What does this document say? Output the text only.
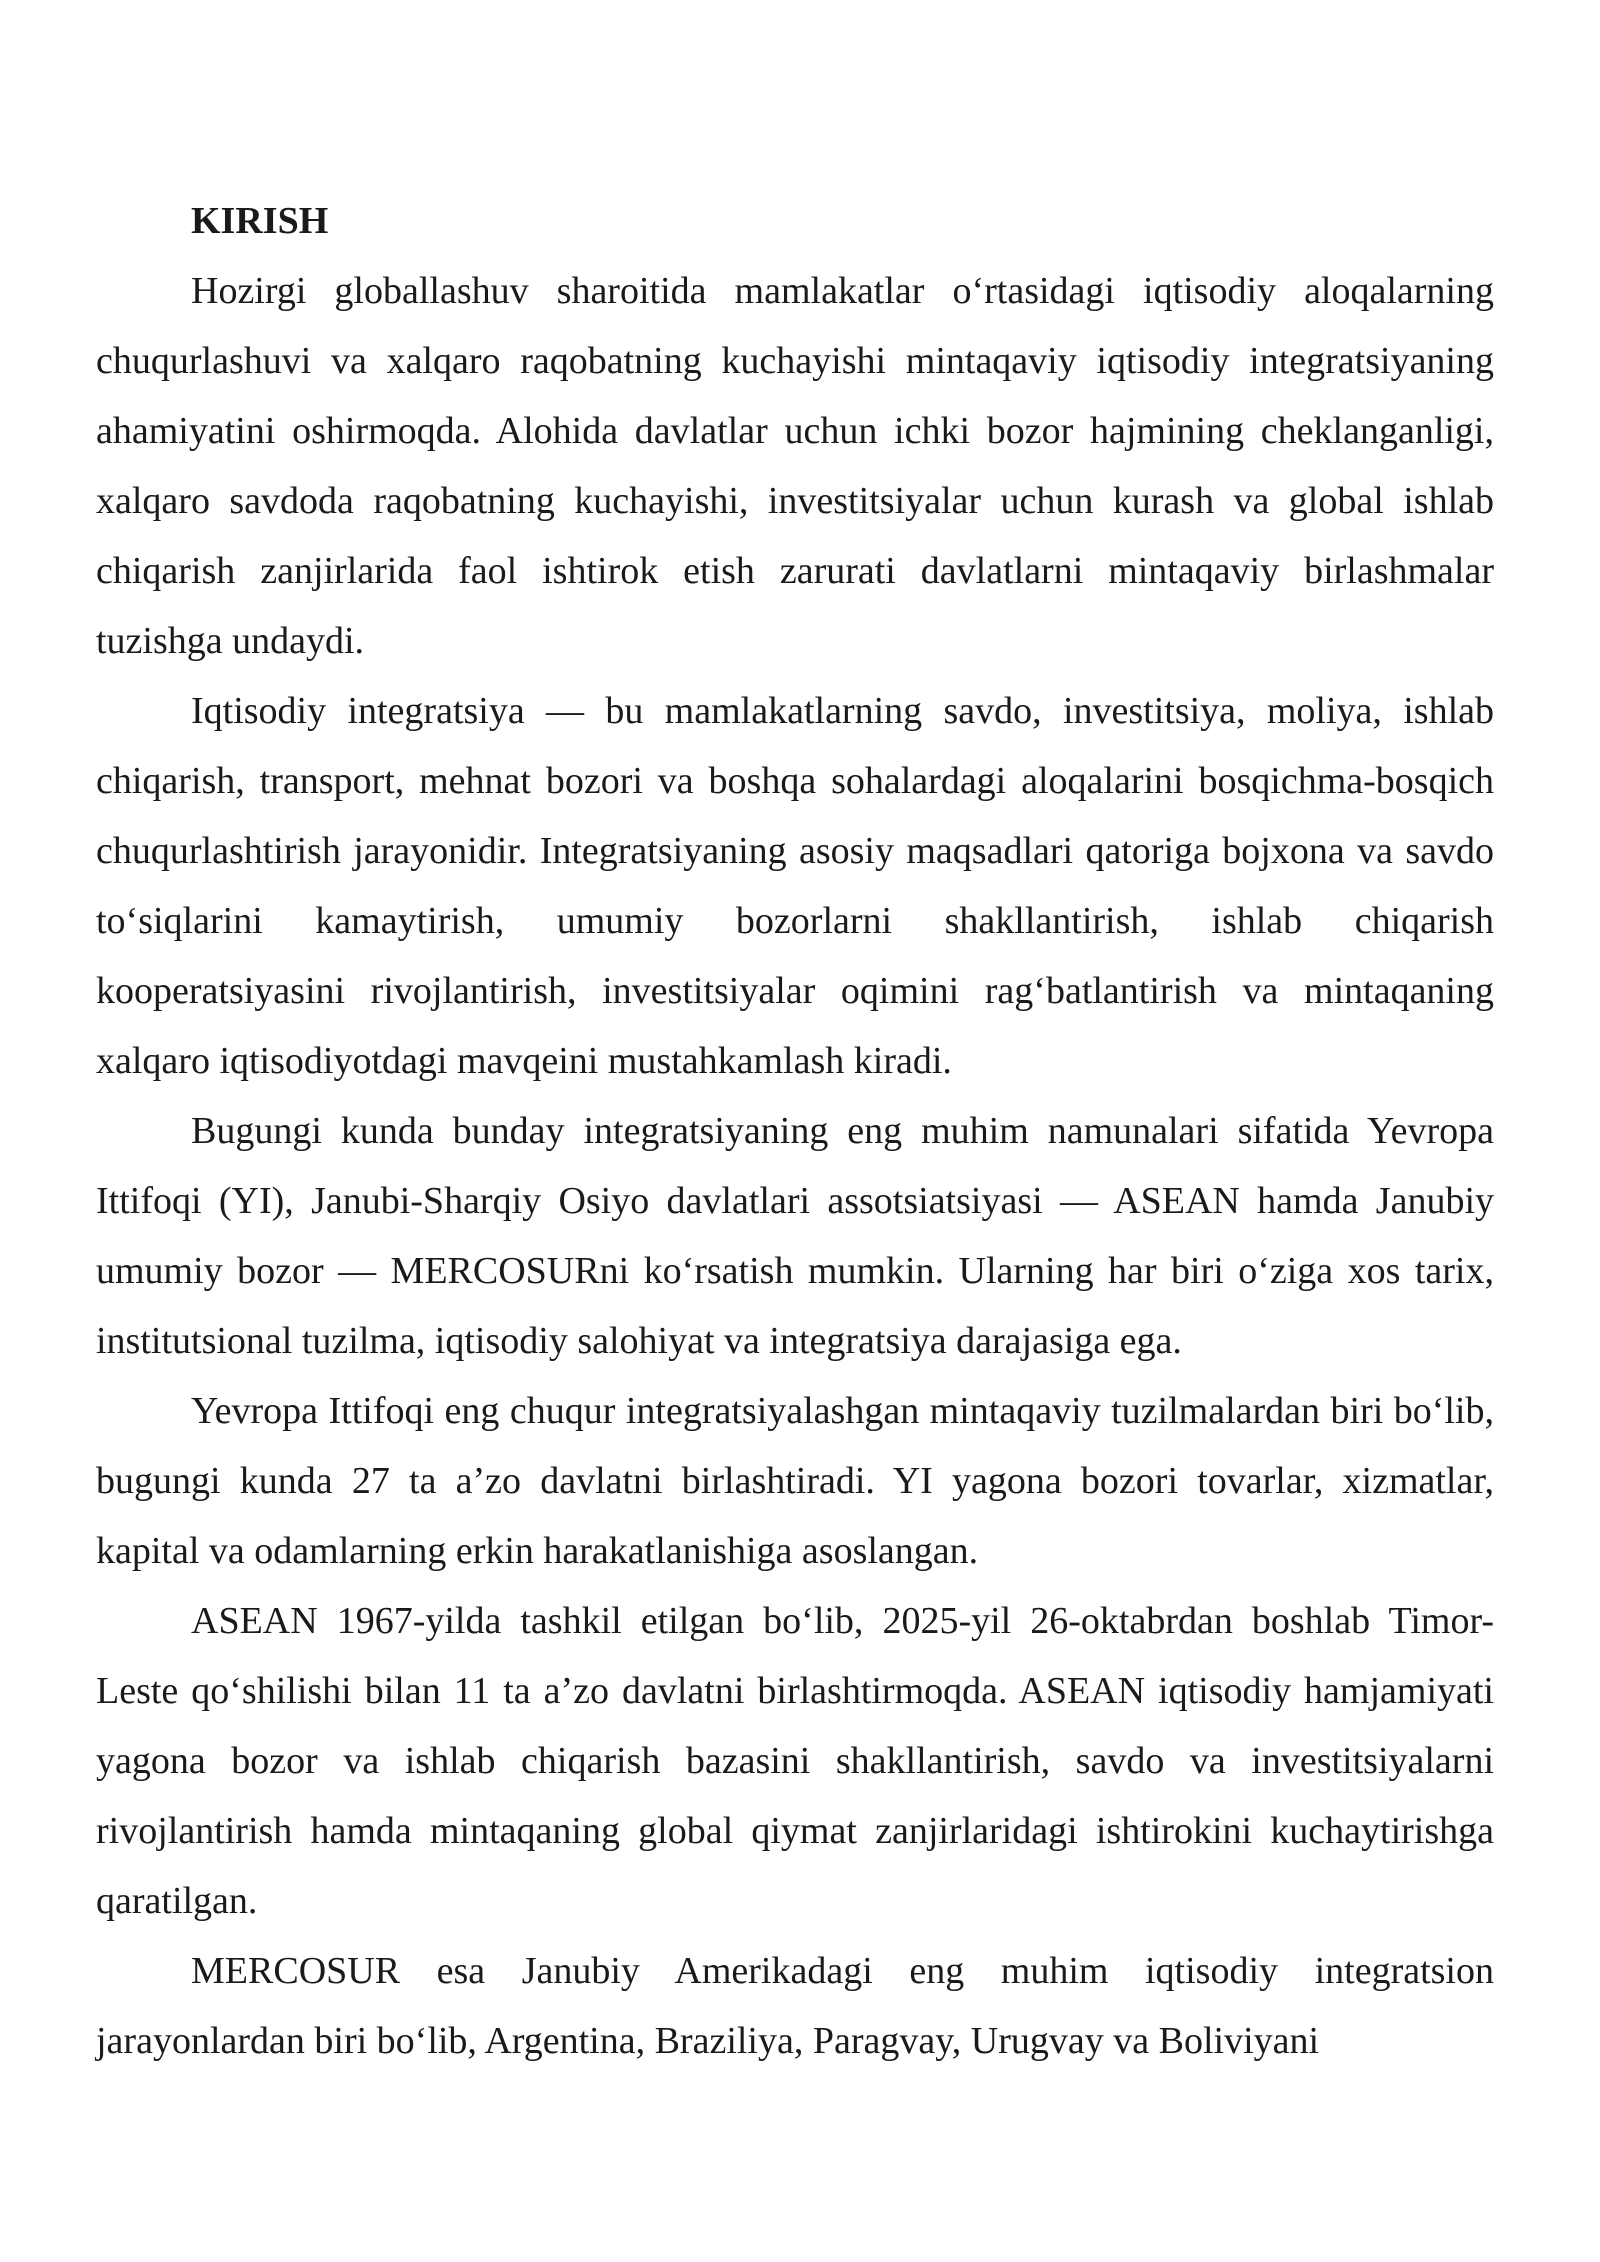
KIRISH

Hozirgi globallashuv sharoitida mamlakatlar o‘rtasidagi iqtisodiy aloqalarning chuqurlashuvi va xalqaro raqobatning kuchayishi mintaqaviy iqtisodiy integratsiyaning ahamiyatini oshirmoqda. Alohida davlatlar uchun ichki bozor hajmining cheklanganligi, xalqaro savdoda raqobatning kuchayishi, investitsiyalar uchun kurash va global ishlab chiqarish zanjirlarida faol ishtirok etish zarurati davlatlarni mintaqaviy birlashmalar tuzishga undaydi.

Iqtisodiy integratsiya — bu mamlakatlarning savdo, investitsiya, moliya, ishlab chiqarish, transport, mehnat bozori va boshqa sohalardagi aloqalarini bosqichma-bosqich chuqurlashtirish jarayonidir. Integratsiyaning asosiy maqsadlari qatoriga bojxona va savdo to‘siqlarini kamaytirish, umumiy bozorlarni shakllantirish, ishlab chiqarish kooperatsiyasini rivojlantirish, investitsiyalar oqimini rag‘batlantirish va mintaqaning xalqaro iqtisodiyotdagi mavqeini mustahkamlash kiradi.

Bugungi kunda bunday integratsiyaning eng muhim namunalari sifatida Yevropa Ittifoqi (YI), Janubi-Sharqiy Osiyo davlatlari assotsiatsiyasi — ASEAN hamda Janubiy umumiy bozor — MERCOSURni ko‘rsatish mumkin. Ularning har biri o‘ziga xos tarix, institutsional tuzilma, iqtisodiy salohiyat va integratsiya darajasiga ega.

Yevropa Ittifoqi eng chuqur integratsiyalashgan mintaqaviy tuzilmalardan biri bo‘lib, bugungi kunda 27 ta a’zo davlatni birlashtiradi. YI yagona bozori tovarlar, xizmatlar, kapital va odamlarning erkin harakatlanishiga asoslangan.

ASEAN 1967-yilda tashkil etilgan bo‘lib, 2025-yil 26-oktabrdan boshlab Timor-Leste qo‘shilishi bilan 11 ta a’zo davlatni birlashtirmoqda. ASEAN iqtisodiy hamjamiyati yagona bozor va ishlab chiqarish bazasini shakllantirish, savdo va investitsiyalarni rivojlantirish hamda mintaqaning global qiymat zanjirlaridagi ishtirokini kuchaytirishga qaratilgan.

MERCOSUR esa Janubiy Amerikadagi eng muhim iqtisodiy integratsion jarayonlardan biri bo‘lib, Argentina, Braziliya, Paragvay, Urugvay va Boliviyani
